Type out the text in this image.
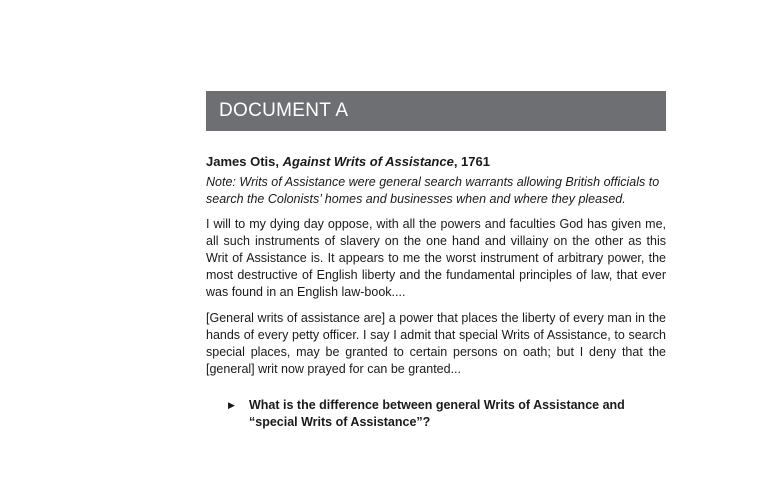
DOCUMENT A
James Otis, Against Writs of Assistance, 1761
Note: Writs of Assistance were general search warrants allowing British officials to search the Colonists’ homes and businesses when and where they pleased.
I will to my dying day oppose, with all the powers and faculties God has given me, all such instruments of slavery on the one hand and villainy on the other as this Writ of Assistance is. It appears to me the worst instrument of arbitrary power, the most destructive of English liberty and the fundamental principles of law, that ever was found in an English law-book....
[General writs of assistance are] a power that places the liberty of every man in the hands of every petty officer. I say I admit that special Writs of Assistance, to search special places, may be granted to certain persons on oath; but I deny that the [general] writ now prayed for can be granted...
▶	What is the difference between general Writs of Assistance and “special Writs of Assistance”?
